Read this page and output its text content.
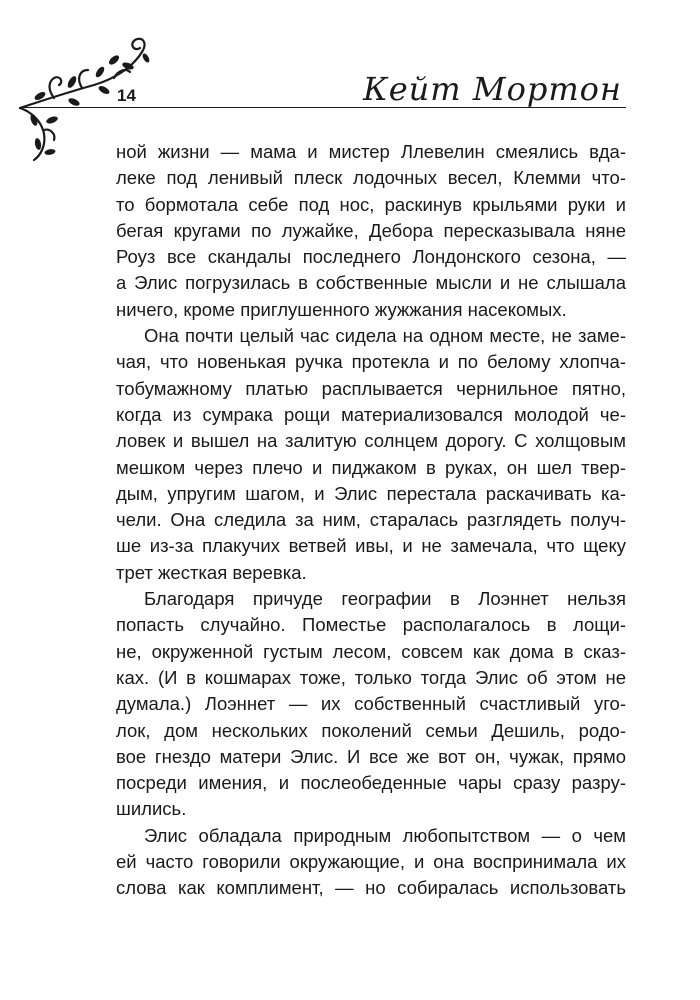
14	Кейт Мортон
ной жизни — мама и мистер Ллевелин смеялись вда-
леке под ленивый плеск лодочных весел, Клемми что-
то бормотала себе под нос, раскинув крыльями руки и
бегая кругами по лужайке, Дебора пересказывала няне
Роуз все скандалы последнего Лондонского сезона, —
а Элис погрузилась в собственные мысли и не слышала
ничего, кроме приглушенного жужжания насекомых.
Она почти целый час сидела на одном месте, не заме-
чая, что новенькая ручка протекла и по белому хлопча-
тобумажному платью расплывается чернильное пятно,
когда из сумрака рощи материализовался молодой че-
ловек и вышел на залитую солнцем дорогу. С холщовым
мешком через плечо и пиджаком в руках, он шел твер-
дым, упругим шагом, и Элис перестала раскачивать ка-
чели. Она следила за ним, старалась разглядеть получ-
ше из-за плакучих ветвей ивы, и не замечала, что щеку
трет жесткая веревка.
Благодаря причуде географии в Лоэннет нельзя
попасть случайно. Поместье располагалось в лощи-
не, окруженной густым лесом, совсем как дома в сказ-
ках. (И в кошмарах тоже, только тогда Элис об этом не
думала.) Лоэннет — их собственный счастливый уго-
лок, дом нескольких поколений семьи Дешиль, родо-
вое гнездо матери Элис. И все же вот он, чужак, прямо
посреди имения, и послеобеденные чары сразу разру-
шились.
Элис обладала природным любопытством — о чем
ей часто говорили окружающие, и она воспринимала их
слова как комплимент, — но собиралась использовать
